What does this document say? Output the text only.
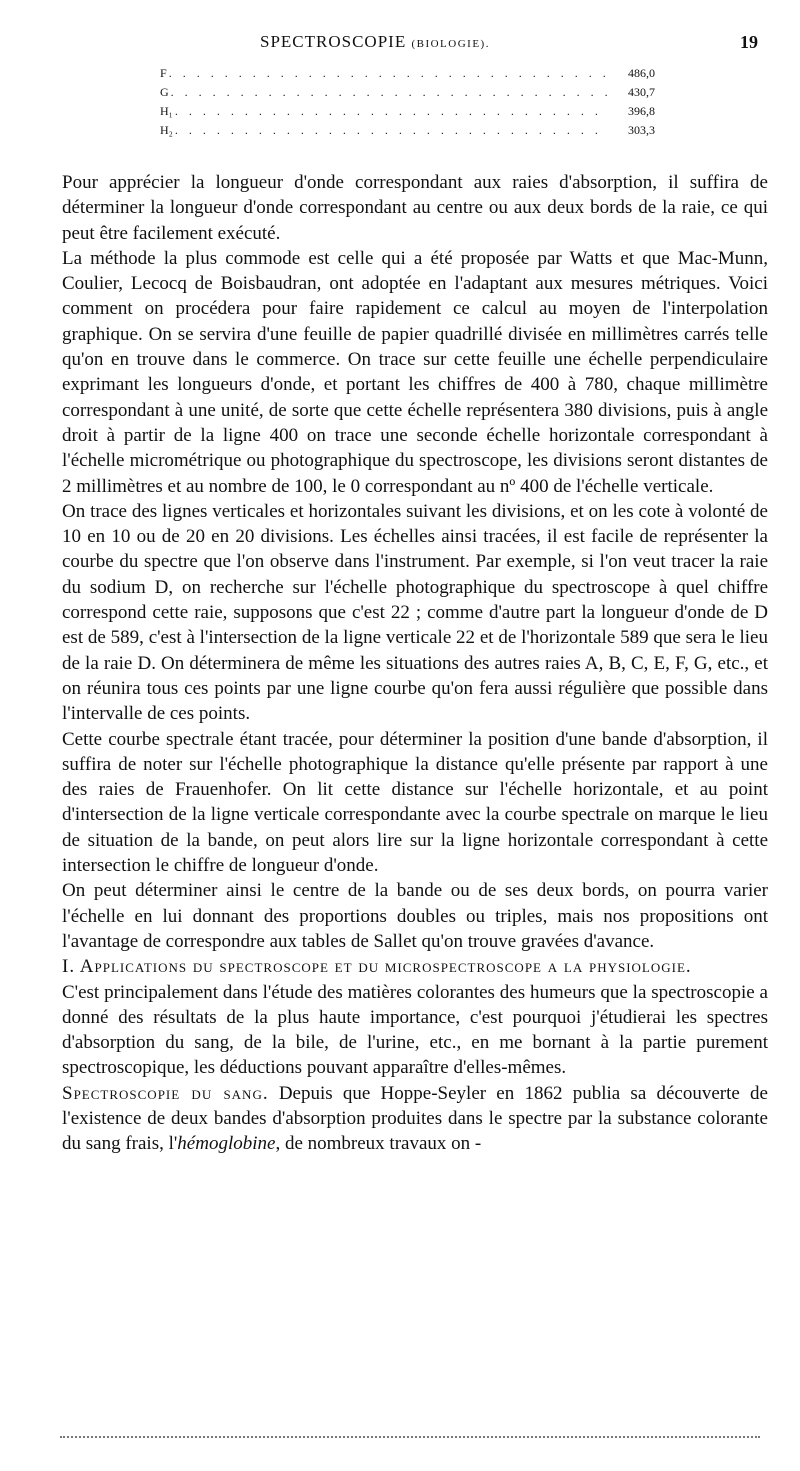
SPECTROSCOPIE (BIOLOGIE).	19
F . . .	486,0
G . . .	430,7
H₁ . . .	396,8
H₂ . . .	303,3

Pour apprécier la longueur d'onde correspondant aux raies d'absorption, il suffira de déterminer la longueur d'onde correspondant au centre ou aux deux bords de la raie, ce qui peut être facilement exécuté.

La méthode la plus commode est celle qui a été proposée par Watts et que Mac-Munn, Coulier, Lecocq de Boisbaudran, ont adoptée en l'adaptant aux mesures métriques. Voici comment on procédera pour faire rapidement ce calcul au moyen de l'interpolation graphique. On se servira d'une feuille de papier quadrillé divisée en millimètres carrés telle qu'on en trouve dans le commerce. On trace sur cette feuille une échelle perpendiculaire exprimant les longueurs d'onde, et portant les chiffres de 400 à 780, chaque millimètre correspondant à une unité, de sorte que cette échelle représentera 380 divisions, puis à angle droit à partir de la ligne 400 on trace une seconde échelle horizontale correspondant à l'échelle micrométrique ou photographique du spectroscope, les divisions seront distantes de 2 millimètres et au nombre de 100, le 0 correspondant au nº 400 de l'échelle verticale.

On trace des lignes verticales et horizontales suivant les divisions, et on les cote à volonté de 10 en 10 ou de 20 en 20 divisions. Les échelles ainsi tracées, il est facile de représenter la courbe du spectre que l'on observe dans l'instrument. Par exemple, si l'on veut tracer la raie du sodium D, on recherche sur l'échelle photographique du spectroscope à quel chiffre correspond cette raie, supposons que c'est 22 ; comme d'autre part la longueur d'onde de D est de 589, c'est à l'intersection de la ligne verticale 22 et de l'horizontale 589 que sera le lieu de la raie D. On déterminera de même les situations des autres raies A, B, C, E, F, G, etc., et on réunira tous ces points par une ligne courbe qu'on fera aussi régulière que possible dans l'intervalle de ces points.

Cette courbe spectrale étant tracée, pour déterminer la position d'une bande d'absorption, il suffira de noter sur l'échelle photographique la distance qu'elle présente par rapport à une des raies de Frauenhofer. On lit cette distance sur l'échelle horizontale, et au point d'intersection de la ligne verticale correspondante avec la courbe spectrale on marque le lieu de situation de la bande, on peut alors lire sur la ligne horizontale correspondant à cette intersection le chiffre de longueur d'onde.

On peut déterminer ainsi le centre de la bande ou de ses deux bords, on pourra varier l'échelle en lui donnant des proportions doubles ou triples, mais nos propositions ont l'avantage de correspondre aux tables de Sallet qu'on trouve gravées d'avance.

I. Applications du spectroscope et du microspectroscope a la physiologie.

C'est principalement dans l'étude des matières colorantes des humeurs que la spectroscopie a donné des résultats de la plus haute importance, c'est pourquoi j'étudierai les spectres d'absorption du sang, de la bile, de l'urine, etc., en me bornant à la partie purement spectroscopique, les déductions pouvant apparaître d'elles-mêmes.

Spectroscopie du sang. Depuis que Hoppe-Seyler en 1862 publia sa découverte de l'existence de deux bandes d'absorption produites dans le spectre par la substance colorante du sang frais, l'hémoglobine, de nombreux travaux on -
